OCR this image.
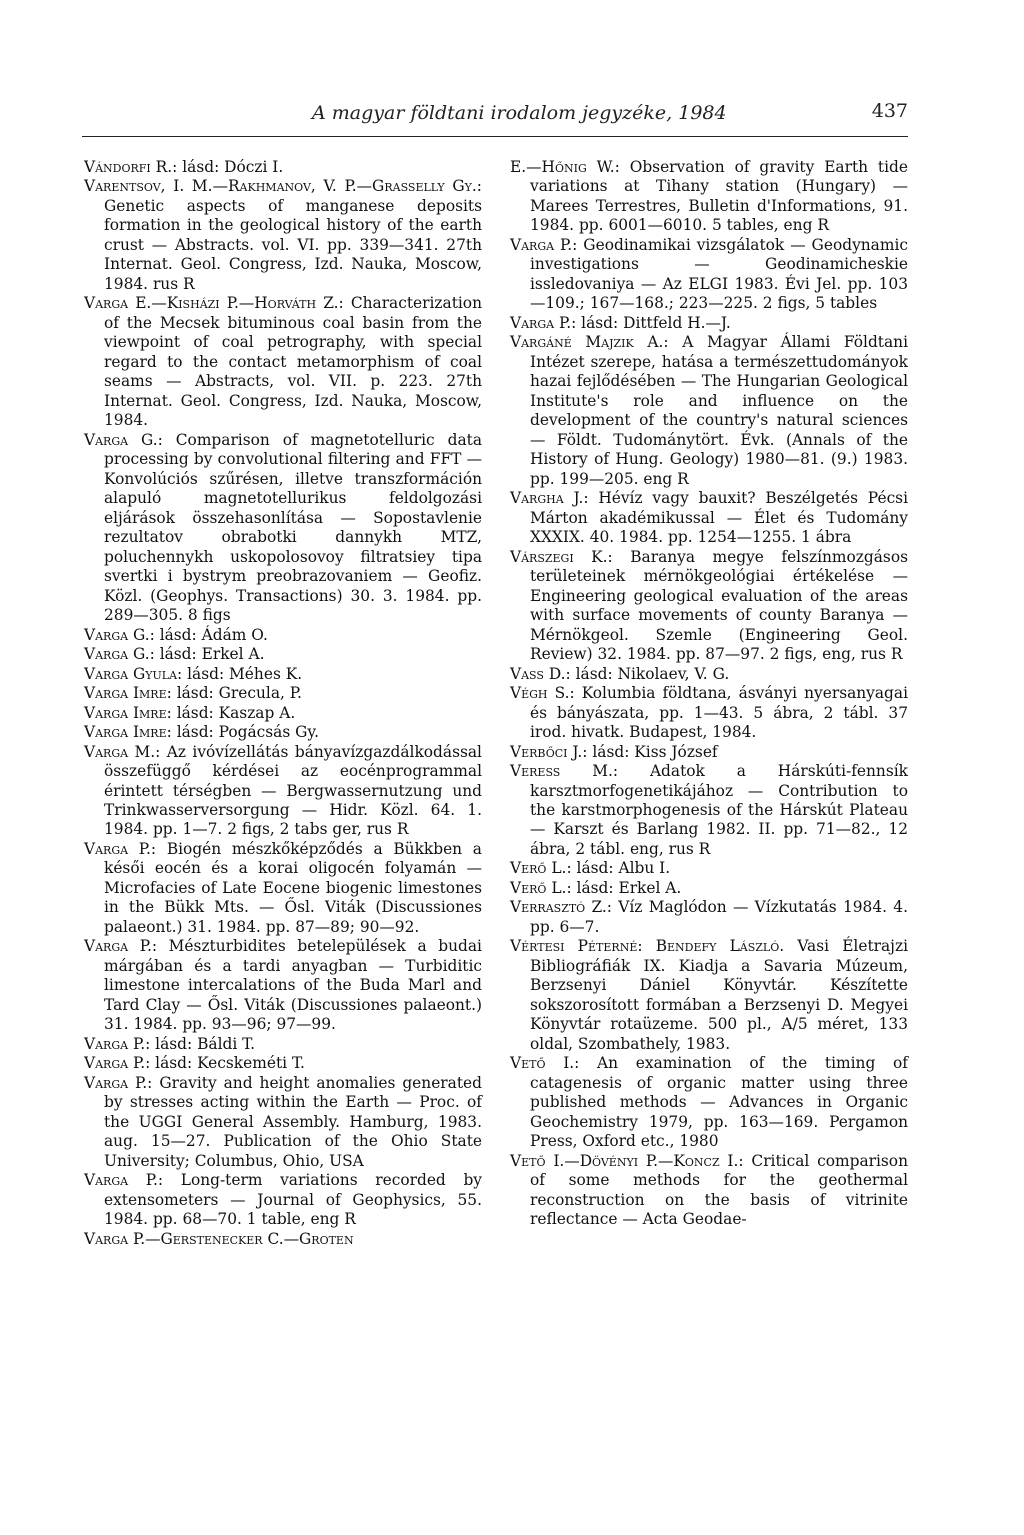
A magyar földtani irodalom jegyzéke, 1984	437

Vándorfi R.: lásd: Dóczi I.

Varentsov, I. M.—Rakhmanov, V. P.—Grasselly Gy.: Genetic aspects of manganese deposits formation in the geological history of the earth crust — Abstracts. vol. VI. pp. 339—341. 27th Internat. Geol. Congress, Izd. Nauka, Moscow, 1984. rus R

Varga E.—Kisházi P.—Horváth Z.: Characterization of the Mecsek bituminous coal basin from the viewpoint of coal petrography, with special regard to the contact metamorphism of coal seams — Abstracts, vol. VII. p. 223. 27th Internat. Geol. Congress, Izd. Nauka, Moscow, 1984.

Varga G.: Comparison of magnetotelluric data processing by convolutional filtering and FFT — Konvolúciós szűrésen, illetve transzformáción alapuló magnetotellurikus feldolgozási eljárások összehasonlítása — Sopostavlenie rezultatov obrabotki dannykh MTZ, poluchennykh uskopolosovoy filtratsiey tipa svertki i bystrym preobrazovaniem — Geofiz. Közl. (Geophys. Transactions) 30. 3. 1984. pp. 289—305. 8 figs

Varga G.: lásd: Ádám O.

Varga G.: lásd: Erkel A.

Varga Gyula: lásd: Méhes K.

Varga Imre: lásd: Greculа, P.

Varga Imre: lásd: Kaszap A.

Varga Imre: lásd: Pogácsás Gy.

Varga M.: Az ivóvízellátás bányavízgazdálkodással összefüggő kérdései az eocénprogrammal érintett térségben — Bergwassernutzung und Trinkwasserversorgung — Hidr. Közl. 64. 1. 1984. pp. 1—7. 2 figs, 2 tabs ger, rus R

Varga P.: Biogén mészkőképződés a Bükkben a késői eocén és a korai oligocén folyamán — Microfacies of Late Eocene biogenic limestones in the Bükk Mts. — Ősl. Viták (Discussiones palaeont.) 31. 1984. pp. 87—89; 90—92.

Varga P.: Mészturbidites betelepülések a budai márgában és a tardi anyagban — Turbiditic limestone intercalations of the Buda Marl and Tard Clay — Ősl. Viták (Discussiones palaeont.) 31. 1984. pp. 93—96; 97—99.

Varga P.: lásd: Báldi T.

Varga P.: lásd: Kecskeméti T.

Varga P.: Gravity and height anomalies generated by stresses acting within the Earth — Proc. of the UGGI General Assembly. Hamburg, 1983. aug. 15—27. Publication of the Ohio State University; Columbus, Ohio, USA

Varga P.: Long-term variations recorded by extensometers — Journal of Geophysics, 55. 1984. pp. 68—70. 1 table, eng R

Varga P.—Gerstenecker C.—Groten

E.—Hőnig W.: Observation of gravity Earth tide variations at Tihany station (Hungary) — Marees Terrestres, Bulletin d'Informations, 91. 1984. pp. 6001—6010. 5 tables, eng R

Varga P.: Geodinamikai vizsgálatok — Geodynamic investigations — Geodinamicheskie issledovaniya — Az ELGI 1983. Évi Jel. pp. 103—109.; 167—168.; 223—225. 2 figs, 5 tables

Varga P.: lásd: Dittfeld H.—J.

Vargáné Majzik A.: A Magyar Állami Földtani Intézet szerepe, hatása a természettudományok hazai fejlődésében — The Hungarian Geological Institute's role and influence on the development of the country's natural sciences — Földt. Tudománytört. Évk. (Annals of the History of Hung. Geology) 1980—81. (9.) 1983. pp. 199—205. eng R

Vargha J.: Hévíz vagy bauxit? Beszélgetés Pécsi Márton akadémikussal — Élet és Tudomány XXXIX. 40. 1984. pp. 1254—1255. 1 ábra

Várszegi K.: Baranya megye felszínmozgásos területeinek mérnökgeológiai értékelése — Engineering geological evaluation of the areas with surface movements of county Baranya — Mérnökgeol. Szemle (Engineering Geol. Review) 32. 1984. pp. 87—97. 2 figs, eng, rus R

Vass D.: lásd: Nikolaev, V. G.

Végh S.: Kolumbia földtana, ásványi nyersanyagai és bányászata, pp. 1—43. 5 ábra, 2 tábl. 37 irod. hivatk. Budapest, 1984.

Verbőci J.: lásd: Kiss József

Veress M.: Adatok a Hárskúti-fennsík karsztmorfogenetikájához — Contribution to the karstmorphogenesis of the Hárskút Plateau — Karszt és Barlang 1982. II. pp. 71—82., 12 ábra, 2 tábl. eng, rus R

Verő L.: lásd: Albu I.

Verő L.: lásd: Erkel A.

Verrasztó Z.: Víz Maglódon — Vízkutatás 1984. 4. pp. 6—7.

Vértesi Péterné: Bendefy László. Vasi Életrajzi Bibliográfiák IX. Kiadja a Savaria Múzeum, Berzsenyi Dániel Könyvtár. Készítette sokszorosított formában a Berzsenyi D. Megyei Könyvtár rotaüzeme. 500 pl., A/5 méret, 133 oldal, Szombathely, 1983.

Vető I.: An examination of the timing of catagenesis of organic matter using three published methods — Advances in Organic Geochemistry 1979, pp. 163—169. Pergamon Press, Oxford etc., 1980

Vető I.—Dövényi P.—Koncz I.: Critical comparison of some methods for the geothermal reconstruction on the basis of vitrinite reflectance — Acta Geodae-
